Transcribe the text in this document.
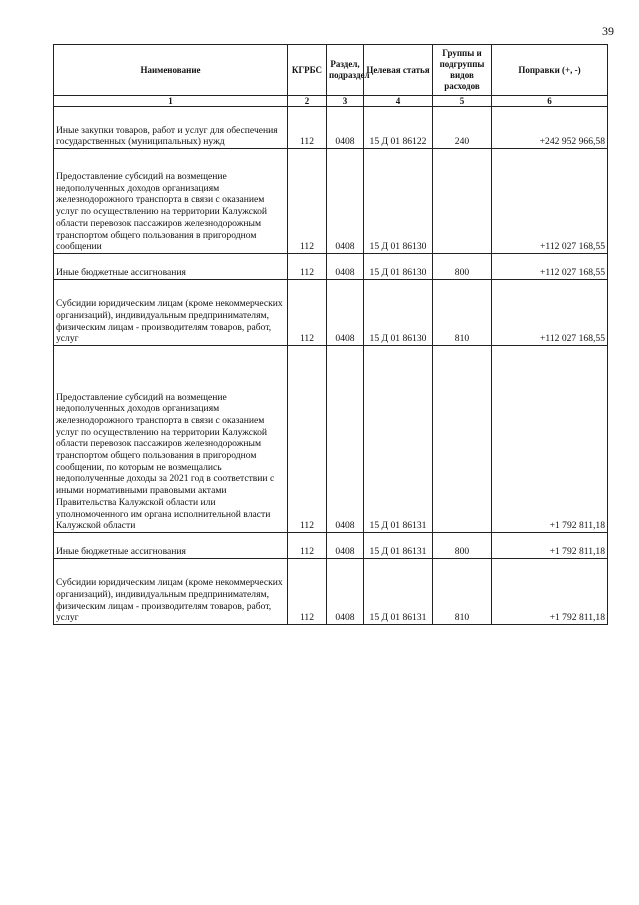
39
Наименование	КГРБС	Раздел, подраздел	Целевая статья	Группы и подгруппы видов расходов	Поправки (+, -)
1	2	3	4	5	6
Иные закупки товаров, работ и услуг для обеспечения государственных (муниципальных) нужд	112	0408	15 Д 01 86122	240	+242 952 966,58
Предоставление субсидий на возмещение недополученных доходов организациям железнодорожного транспорта в связи с оказанием услуг по осуществлению на территории Калужской области перевозок пассажиров железнодорожным транспортом общего пользования в пригородном сообщении	112	0408	15 Д 01 86130		+112 027 168,55
Иные бюджетные ассигнования	112	0408	15 Д 01 86130	800	+112 027 168,55
Субсидии юридическим лицам (кроме некоммерческих организаций), индивидуальным предпринимателям, физическим лицам - производителям товаров, работ, услуг	112	0408	15 Д 01 86130	810	+112 027 168,55
Предоставление субсидий на возмещение недополученных доходов организациям железнодорожного транспорта в связи с оказанием услуг по осуществлению на территории Калужской области перевозок пассажиров железнодорожным транспортом общего пользования в пригородном сообщении, по которым не возмещались недополученные доходы за 2021 год в соответствии с иными нормативными правовыми актами Правительства Калужской области или уполномоченного им органа исполнительной власти Калужской области	112	0408	15 Д 01 86131		+1 792 811,18
Иные бюджетные ассигнования	112	0408	15 Д 01 86131	800	+1 792 811,18
Субсидии юридическим лицам (кроме некоммерческих организаций), индивидуальным предпринимателям, физическим лицам - производителям товаров, работ, услуг	112	0408	15 Д 01 86131	810	+1 792 811,18
